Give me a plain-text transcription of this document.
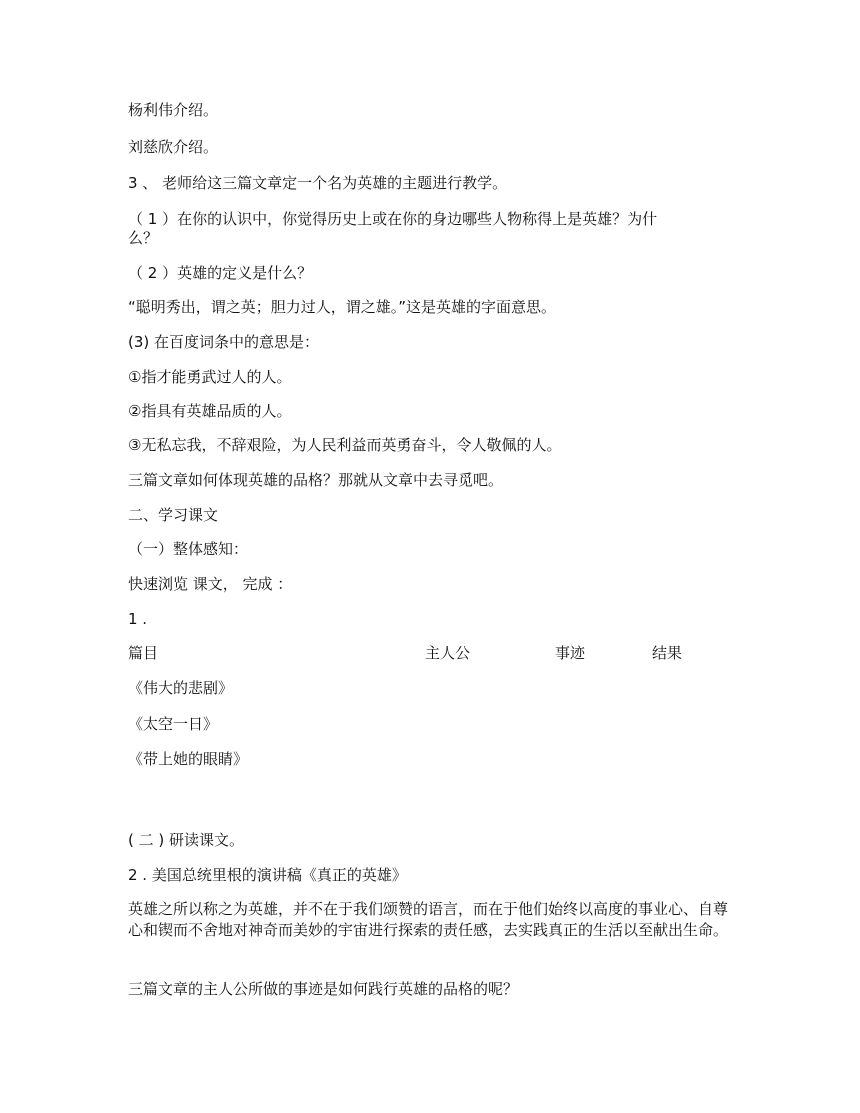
杨利伟介绍。
刘慈欣介绍。
3 、 老师给这三篇文章定一个名为英雄的主题进行教学。
（ 1 ）在你的认识中，你觉得历史上或在你的身边哪些人物称得上是英雄？为什
么？
（ 2 ）英雄的定义是什么？
“聪明秀出，谓之英；胆力过人，谓之雄。”这是英雄的字面意思。
(3) 在百度词条中的意思是：
①指才能勇武过人的人。
②指具有英雄品质的人。
③无私忘我，不辞艰险，为人民利益而英勇奋斗，令人敬佩的人。
三篇文章如何体现英雄的品格？那就从文章中去寻觅吧。
二、学习课文
（一）整体感知：
快速浏览 课文， 完成 ：
1 .
篇目	主人公	事迹	结果
《伟大的悲剧》
《太空一日》
《带上她的眼睛》
( 二 ) 研读课文。
2 . 美国总统里根的演讲稿《真正的英雄》
英雄之所以称之为英雄，并不在于我们颂赞的语言，而在于他们始终以高度的事业心、自尊心和锲而不舍地对神奇而美妙的宇宙进行探索的责任感，去实践真正的生活以至献出生命。
三篇文章的主人公所做的事迹是如何践行英雄的品格的呢？
